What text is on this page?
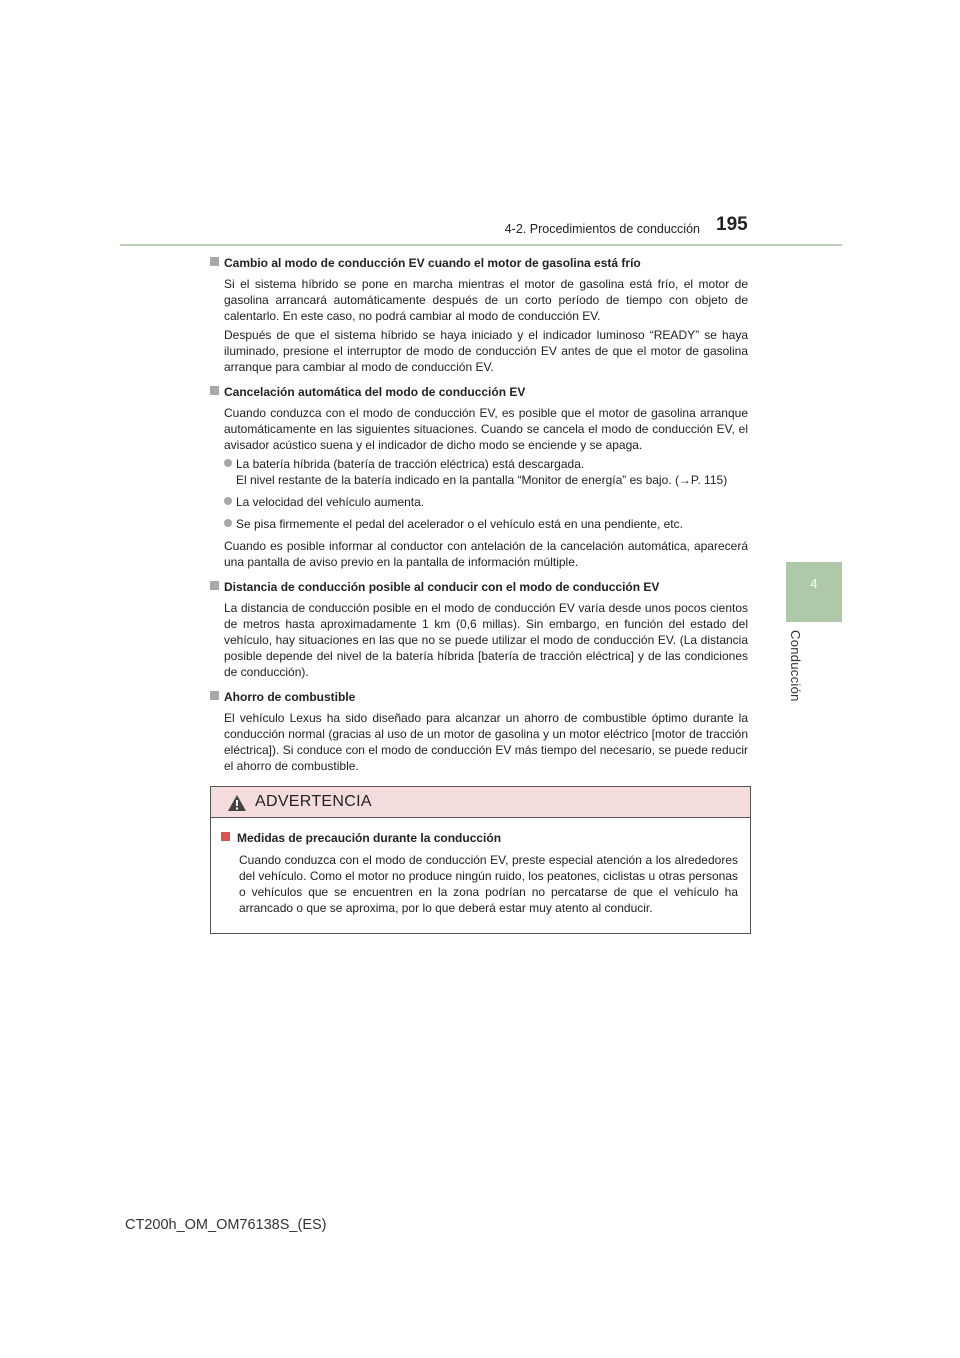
4-2. Procedimientos de conducción 195
4
Conducción
Cambio al modo de conducción EV cuando el motor de gasolina está frío

Si el sistema híbrido se pone en marcha mientras el motor de gasolina está frío, el motor de gasolina arrancará automáticamente después de un corto período de tiempo con objeto de calentarlo. En este caso, no podrá cambiar al modo de conducción EV.

Después de que el sistema híbrido se haya iniciado y el indicador luminoso “READY” se haya iluminado, presione el interruptor de modo de conducción EV antes de que el motor de gasolina arranque para cambiar al modo de conducción EV.

Cancelación automática del modo de conducción EV

Cuando conduzca con el modo de conducción EV, es posible que el motor de gasolina arranque automáticamente en las siguientes situaciones. Cuando se cancela el modo de conducción EV, el avisador acústico suena y el indicador de dicho modo se enciende y se apaga.

La batería híbrida (batería de tracción eléctrica) está descargada.
El nivel restante de la batería indicado en la pantalla “Monitor de energía” es bajo. (→P. 115)
La velocidad del vehículo aumenta.
Se pisa firmemente el pedal del acelerador o el vehículo está en una pendiente, etc.

Cuando es posible informar al conductor con antelación de la cancelación automática, aparecerá una pantalla de aviso previo en la pantalla de información múltiple.

Distancia de conducción posible al conducir con el modo de conducción EV

La distancia de conducción posible en el modo de conducción EV varía desde unos pocos cientos de metros hasta aproximadamente 1 km (0,6 millas). Sin embargo, en función del estado del vehículo, hay situaciones en las que no se puede utilizar el modo de conducción EV. (La distancia posible depende del nivel de la batería híbrida [batería de tracción eléctrica] y de las condiciones de conducción).

Ahorro de combustible

El vehículo Lexus ha sido diseñado para alcanzar un ahorro de combustible óptimo durante la conducción normal (gracias al uso de un motor de gasolina y un motor eléctrico [motor de tracción eléctrica]). Si conduce con el modo de conducción EV más tiempo del necesario, se puede reducir el ahorro de combustible.

ADVERTENCIA
Medidas de precaución durante la conducción

Cuando conduzca con el modo de conducción EV, preste especial atención a los alrededores del vehículo. Como el motor no produce ningún ruido, los peatones, ciclistas u otras personas o vehículos que se encuentren en la zona podrían no percatarse de que el vehículo ha arrancado o que se aproxima, por lo que deberá estar muy atento al conducir.

CT200h_OM_OM76138S_(ES)
